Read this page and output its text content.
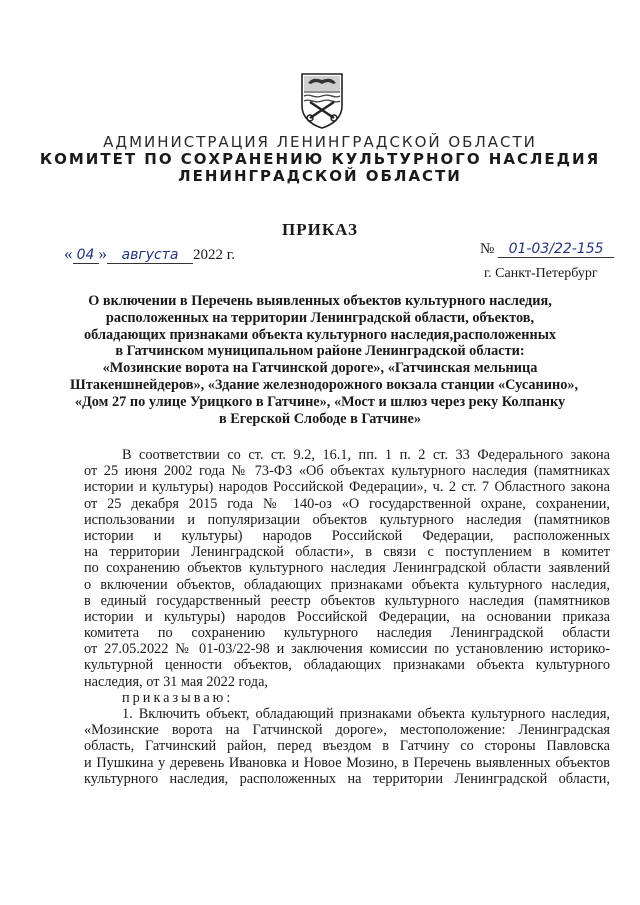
АДМИНИСТРАЦИЯ ЛЕНИНГРАДСКОЙ ОБЛАСТИ
КОМИТЕТ ПО СОХРАНЕНИЮ КУЛЬТУРНОГО НАСЛЕДИЯ
ЛЕНИНГРАДСКОЙ ОБЛАСТИ
ПРИКАЗ
« 04 » августа 2022 г.	№ 01-03/22-155
г. Санкт-Петербург
О включении в Перечень выявленных объектов культурного наследия,
расположенных на территории Ленинградской области, объектов,
обладающих признаками объекта культурного наследия,расположенных
в Гатчинском муниципальном районе Ленинградской области:
«Мозинские ворота на Гатчинской дороге», «Гатчинская мельница
Штакеншнейдеров», «Здание железнодорожного вокзала станции «Сусанино»,
«Дом 27 по улице Урицкого в Гатчине», «Мост и шлюз через реку Колпанку
в Егерской Слободе в Гатчине»
В соответствии со ст. ст. 9.2, 16.1, пп. 1 п. 2 ст. 33 Федерального закона
от 25 июня 2002 года № 73-ФЗ «Об объектах культурного наследия (памятниках
истории и культуры) народов Российской Федерации», ч. 2 ст. 7 Областного закона
от 25 декабря 2015 года № 140-оз «О государственной охране, сохранении,
использовании и популяризации объектов культурного наследия (памятников
истории и культуры) народов Российской Федерации, расположенных
на территории Ленинградской области», в связи с поступлением в комитет
по сохранению объектов культурного наследия Ленинградской области заявлений
о включении объектов, обладающих признаками объекта культурного наследия,
в единый государственный реестр объектов культурного наследия (памятников
истории и культуры) народов Российской Федерации, на основании приказа
комитета по сохранению культурного наследия Ленинградской области
от 27.05.2022 № 01-03/22-98 и заключения комиссии по установлению историко-
культурной ценности объектов, обладающих признаками объекта культурного
наследия, от 31 мая 2022 года,
приказываю:
1. Включить объект, обладающий признаками объекта культурного наследия,
«Мозинские ворота на Гатчинской дороге», местоположение: Ленинградская
область, Гатчинский район, перед въездом в Гатчину со стороны Павловска
и Пушкина у деревень Ивановка и Новое Мозино, в Перечень выявленных объектов
культурного наследия, расположенных на территории Ленинградской области,
